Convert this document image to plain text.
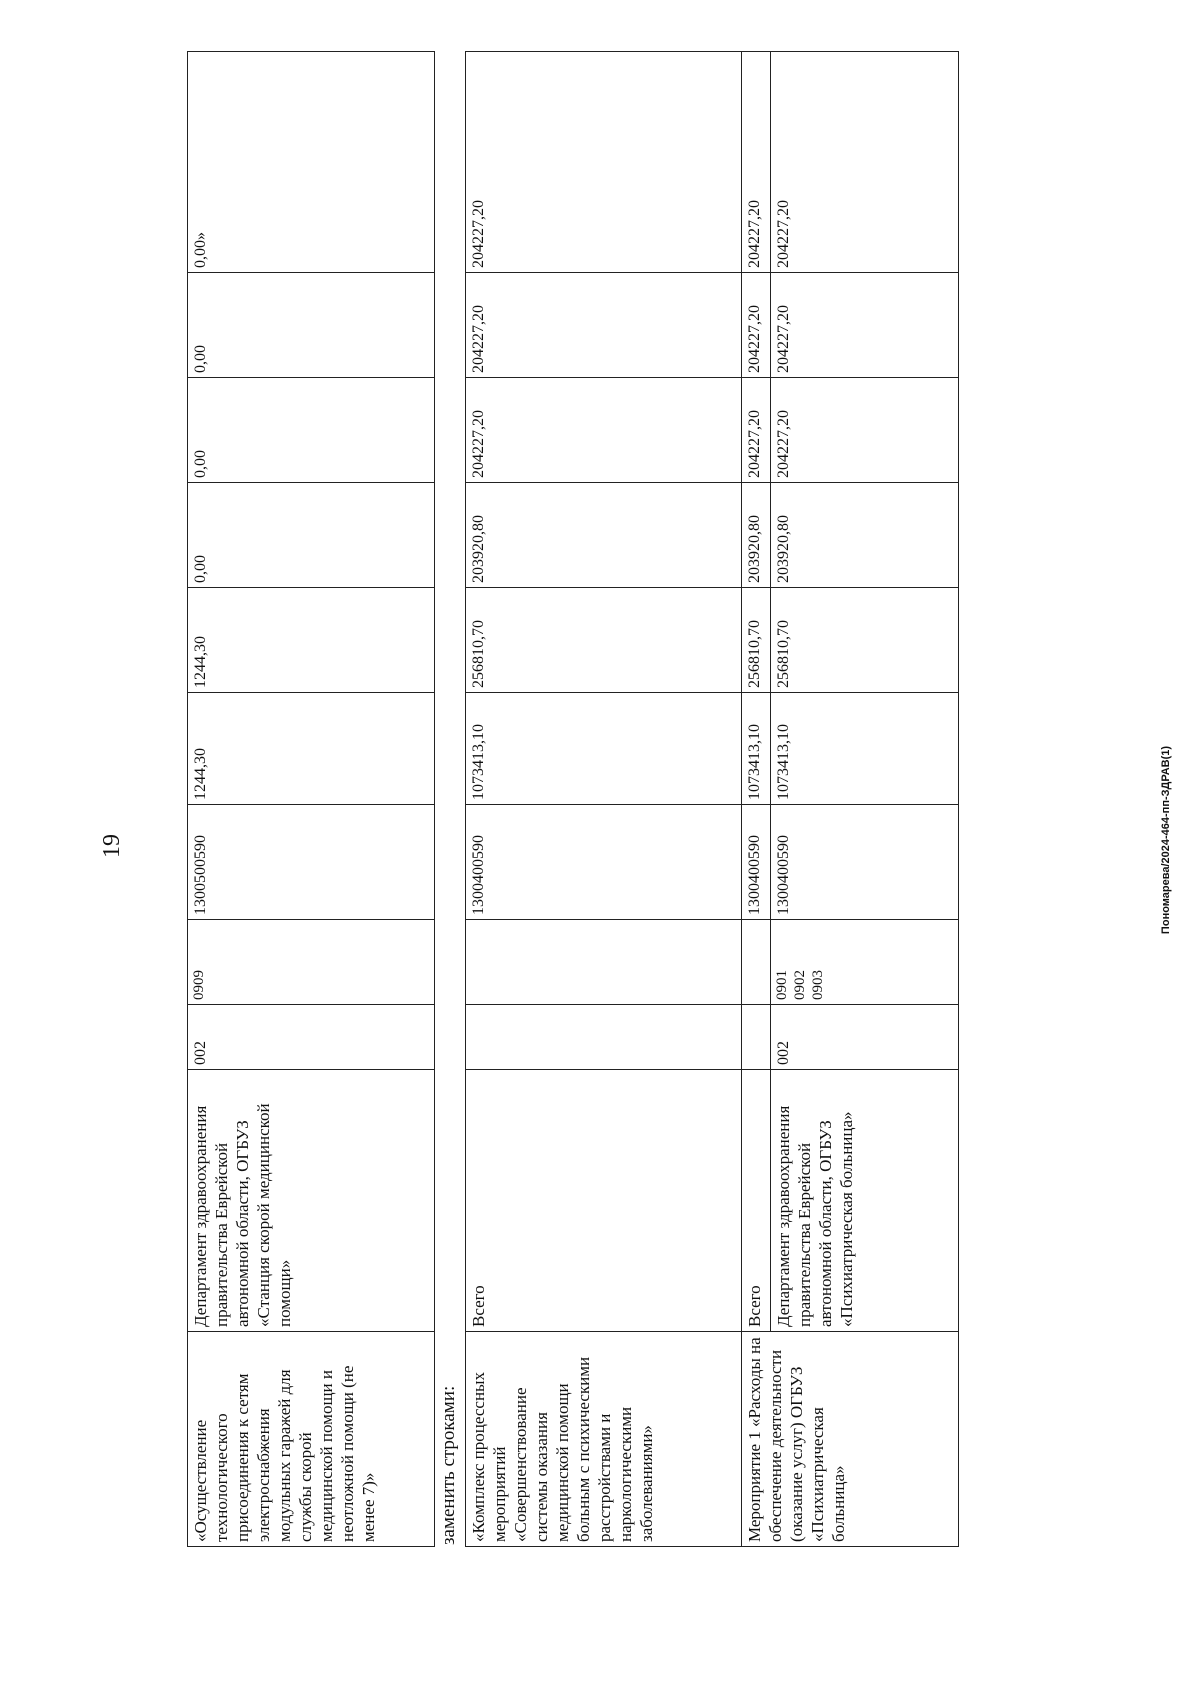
19	Пономарева/2024-464-пп-ЗДРАВ(1)
«Осуществление технологического присоединения к сетям электроснабжения модульных гаражей для службы скорой медицинской помощи и неотложной помощи (не менее 7)»	Департамент здравоохранения правительства Еврейской автономной области, ОГБУЗ «Станция скорой медицинской помощи»	002	0909	1300500590	1244,30	1244,30	0,00	0,00	0,00	0,00»
заменить строками: «Комплекс процессных мероприятий «Совершенствование системы оказания медицинской помощи больным с психическими расстройствами и наркологическими заболеваниями»	Всего			1300400590	1073413,10	256810,70	203920,80	204227,20	204227,20	204227,20
Мероприятие 1 «Расходы на обеспечение деятельности (оказание услуг) ОГБУЗ «Психиатрическая больница»	Всего			1300400590	1073413,10	256810,70	203920,80	204227,20	204227,20	204227,20
	Департамент здравоохранения правительства Еврейской автономной области, ОГБУЗ «Психиатрическая больница»	002	0901
0902
0903	1300400590	1073413,10	256810,70	203920,80	204227,20	204227,20	204227,20
